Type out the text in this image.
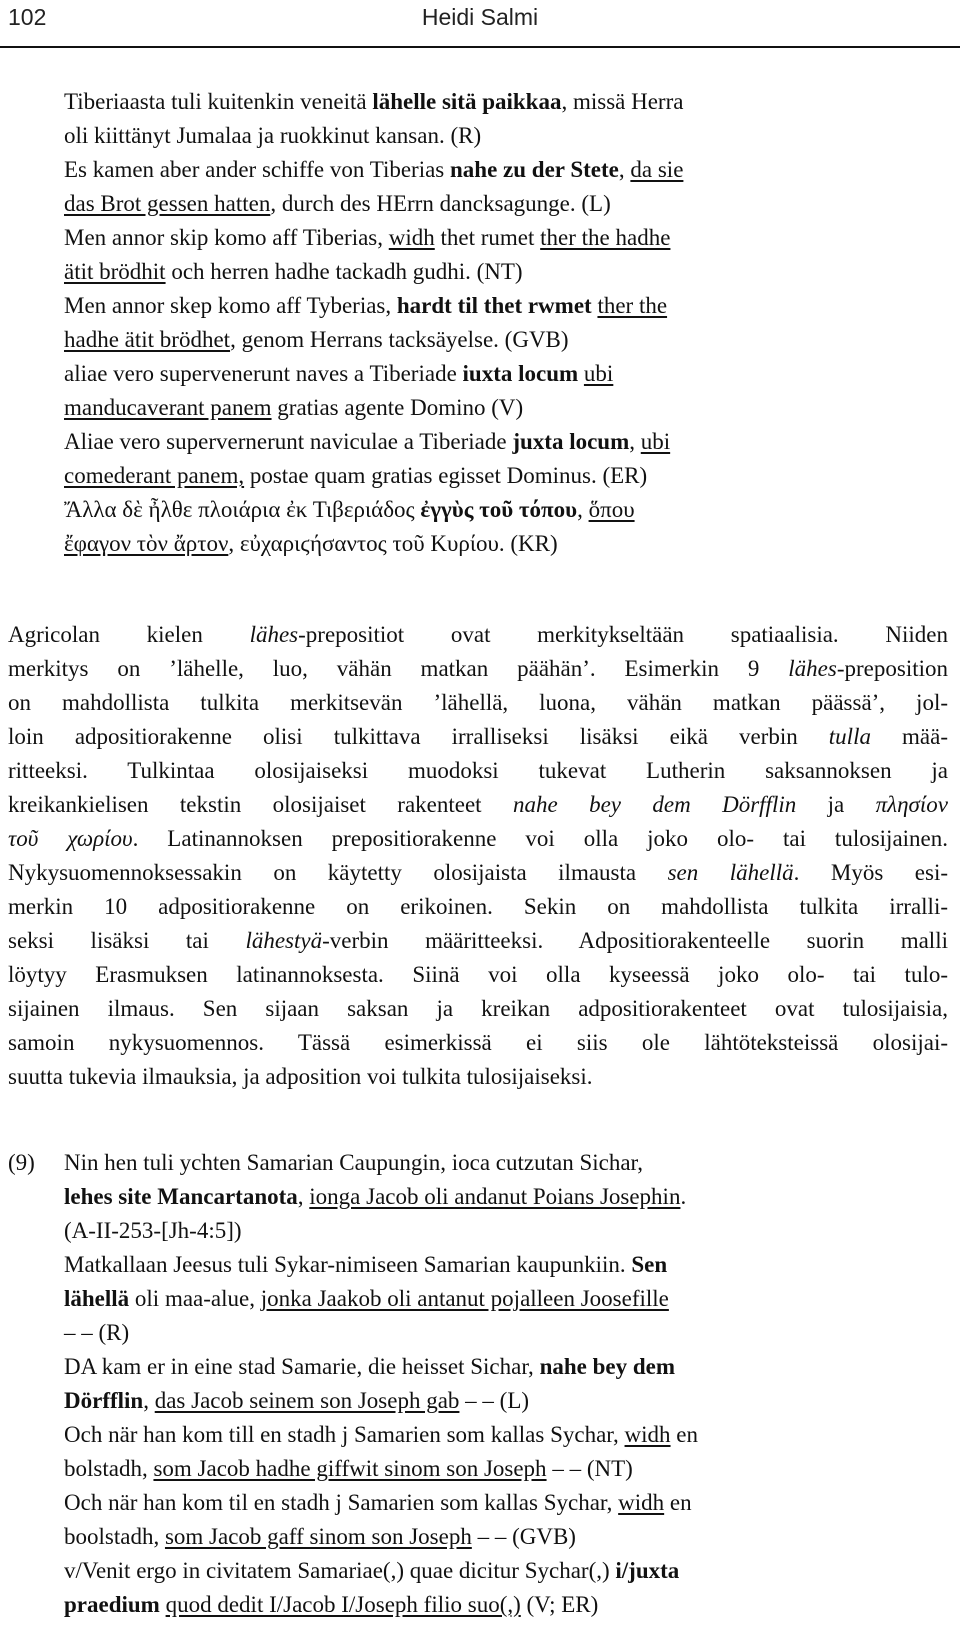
102	Heidi Salmi
Tiberiaasta tuli kuitenkin veneitä lähelle sitä paikkaa, missä Herra
oli kiittänyt Jumalaa ja ruokkinut kansan. (R)
Es kamen aber ander schiffe von Tiberias nahe zu der Stete, da sie
das Brot gessen hatten, durch des HErrn dancksagunge. (L)
Men annor skip komo aff Tiberias, widh thet rumet ther the hadhe
ätit brödhit och herren hadhe tackadh gudhi. (NT)
Men annor skep komo aff Tyberias, hardt til thet rwmet ther the
hadhe ätit brödhet, genom Herrans tacksäyelse. (GVB)
aliae vero supervenerunt naves a Tiberiade iuxta locum ubi
manducaverant panem gratias agente Domino (V)
Aliae vero supervernerunt naviculae a Tiberiade juxta locum, ubi
comederant panem, postae quam gratias egisset Dominus. (ER)
Ἄλλα δὲ ἦλθε πλοιάρια ἐκ Τιβεριάδος ἐγγὺς τοῦ τόπου, ὅπου
ἔφαγον τὸν ἄρτον, εὐχαριϛήσαντος τοῦ Κυρίου. (KR)
Agricolan kielen lähes-prepositiot ovat merkitykseltään spatiaalisia. Niiden
merkitys on ’lähelle, luo, vähän matkan päähän’. Esimerkin 9 lähes-preposition
on mahdollista tulkita merkitsevän ’lähellä, luona, vähän matkan päässä’, jol-
loin adpositiorakenne olisi tulkittava irralliseksi lisäksi eikä verbin tulla mää-
ritteeksi. Tulkintaa olosijaiseksi muodoksi tukevat Lutherin saksannoksen ja
kreikankielisen tekstin olosijaiset rakenteet nahe bey dem Dörfflin ja πλησίον
τοῦ χωρίου. Latinannoksen prepositiorakenne voi olla joko olo- tai tulosijainen.
Nykysuomennoksessakin on käytetty olosijaista ilmausta sen lähellä. Myös esi-
merkin 10 adpositiorakenne on erikoinen. Sekin on mahdollista tulkita irralli-
seksi lisäksi tai lähestyä-verbin määritteeksi. Adpositiorakenteelle suorin malli
löytyy Erasmuksen latinannoksesta. Siinä voi olla kyseessä joko olo- tai tulo-
sijainen ilmaus. Sen sijaan saksan ja kreikan adpositiorakenteet ovat tulosijaisia,
samoin nykysuomennos. Tässä esimerkissä ei siis ole lähtöteksteissä olosijai-
suutta tukevia ilmauksia, ja adposition voi tulkita tulosijaiseksi.
(9) Nin hen tuli ychten Samarian Caupungin, ioca cutzutan Sichar,
lehes site Mancartanota, ionga Jacob oli andanut Poians Josephin.
(A-II-253-[Jh-4:5])
Matkallaan Jeesus tuli Sykar-nimiseen Samarian kaupunkiin. Sen
lähellä oli maa-alue, jonka Jaakob oli antanut pojalleen Joosefille
– – (R)
DA kam er in eine stad Samarie, die heisset Sichar, nahe bey dem
Dörfflin, das Jacob seinem son Joseph gab – – (L)
Och när han kom till en stadh j Samarien som kallas Sychar, widh en
bolstadh, som Jacob hadhe giffwit sinom son Joseph – – (NT)
Och när han kom til en stadh j Samarien som kallas Sychar, widh en
boolstadh, som Jacob gaff sinom son Joseph – – (GVB)
v/Venit ergo in civitatem Samariae(,) quae dicitur Sychar(,) i/juxta
praedium quod dedit I/Jacob I/Joseph filio suo(,) (V; ER)
